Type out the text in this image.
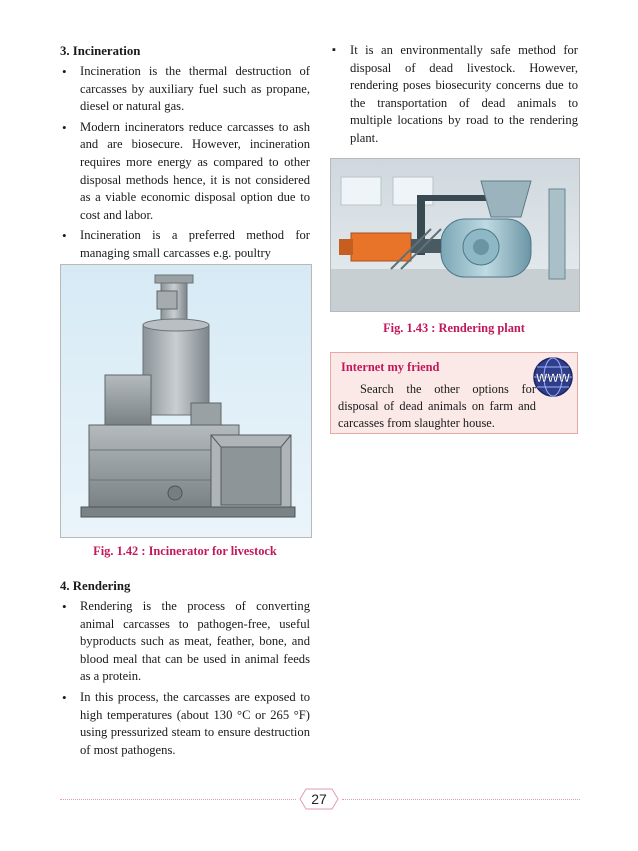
3. Incineration
• Incineration is the thermal destruction of carcasses by auxiliary fuel such as propane, diesel or natural gas.
• Modern incinerators reduce carcasses to ash and are biosecure. However, incineration requires more energy as compared to other disposal methods hence, it is not considered as a viable economic disposal option due to cost and labor.
• Incineration is a preferred method for managing small carcasses e.g. poultry
Fig. 1.42 : Incinerator for livestock
4. Rendering
• Rendering is the process of converting animal carcasses to pathogen-free, useful byproducts such as meat, feather, bone, and blood meal that can be used in animal feeds as a protein.
• In this process, the carcasses are exposed to high temperatures (about 130 °C or 265 °F) using pressurized steam to ensure destruction of most pathogens.
▪ It is an environmentally safe method for disposal of dead livestock. However, rendering poses biosecurity concerns due to the transportation of dead animals to multiple locations by road to the rendering plant.
Fig. 1.43 : Rendering plant
Internet my friend
Search the other options for disposal of dead animals on farm and carcasses from slaughter house.
WWW
27
